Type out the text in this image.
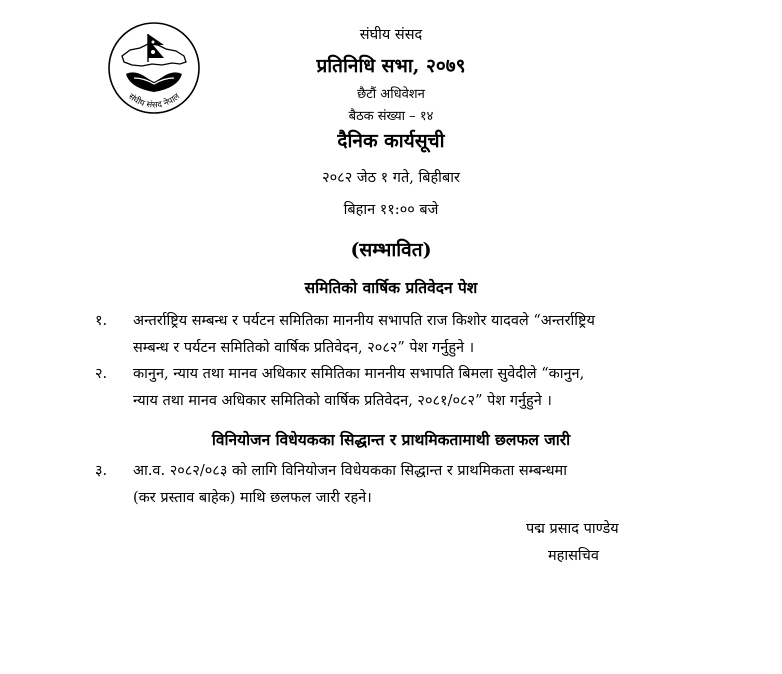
संघीय संसद नेपाल
संघीय संसद
प्रतिनिधि सभा, २०७९
छैटौं अधिवेशन
बैठक संख्या – १४
दैनिक कार्यसूची
२०८२ जेठ १ गते, बिहीबार
बिहान ११:०० बजे
(सम्भावित)
समितिको वार्षिक प्रतिवेदन पेश
१. अन्तर्राष्ट्रिय सम्बन्ध र पर्यटन समितिका माननीय सभापति राज किशोर यादवले “अन्तर्राष्ट्रिय
सम्बन्ध र पर्यटन समितिको वार्षिक प्रतिवेदन, २०८२” पेश गर्नुहुने ।
२. कानुन, न्याय तथा मानव अधिकार समितिका माननीय सभापति बिमला सुवेदीले “कानुन,
न्याय तथा मानव अधिकार समितिको वार्षिक प्रतिवेदन, २०८१/०८२” पेश गर्नुहुने ।
विनियोजन विधेयकका सिद्धान्त र प्राथमिकतामाथी छलफल जारी
३. आ.व. २०८२/०८३ को लागि विनियोजन विधेयकका सिद्धान्त र प्राथमिकता सम्बन्धमा
(कर प्रस्ताव बाहेक) माथि छलफल जारी रहने।
पद्म प्रसाद पाण्डेय
महासचिव
